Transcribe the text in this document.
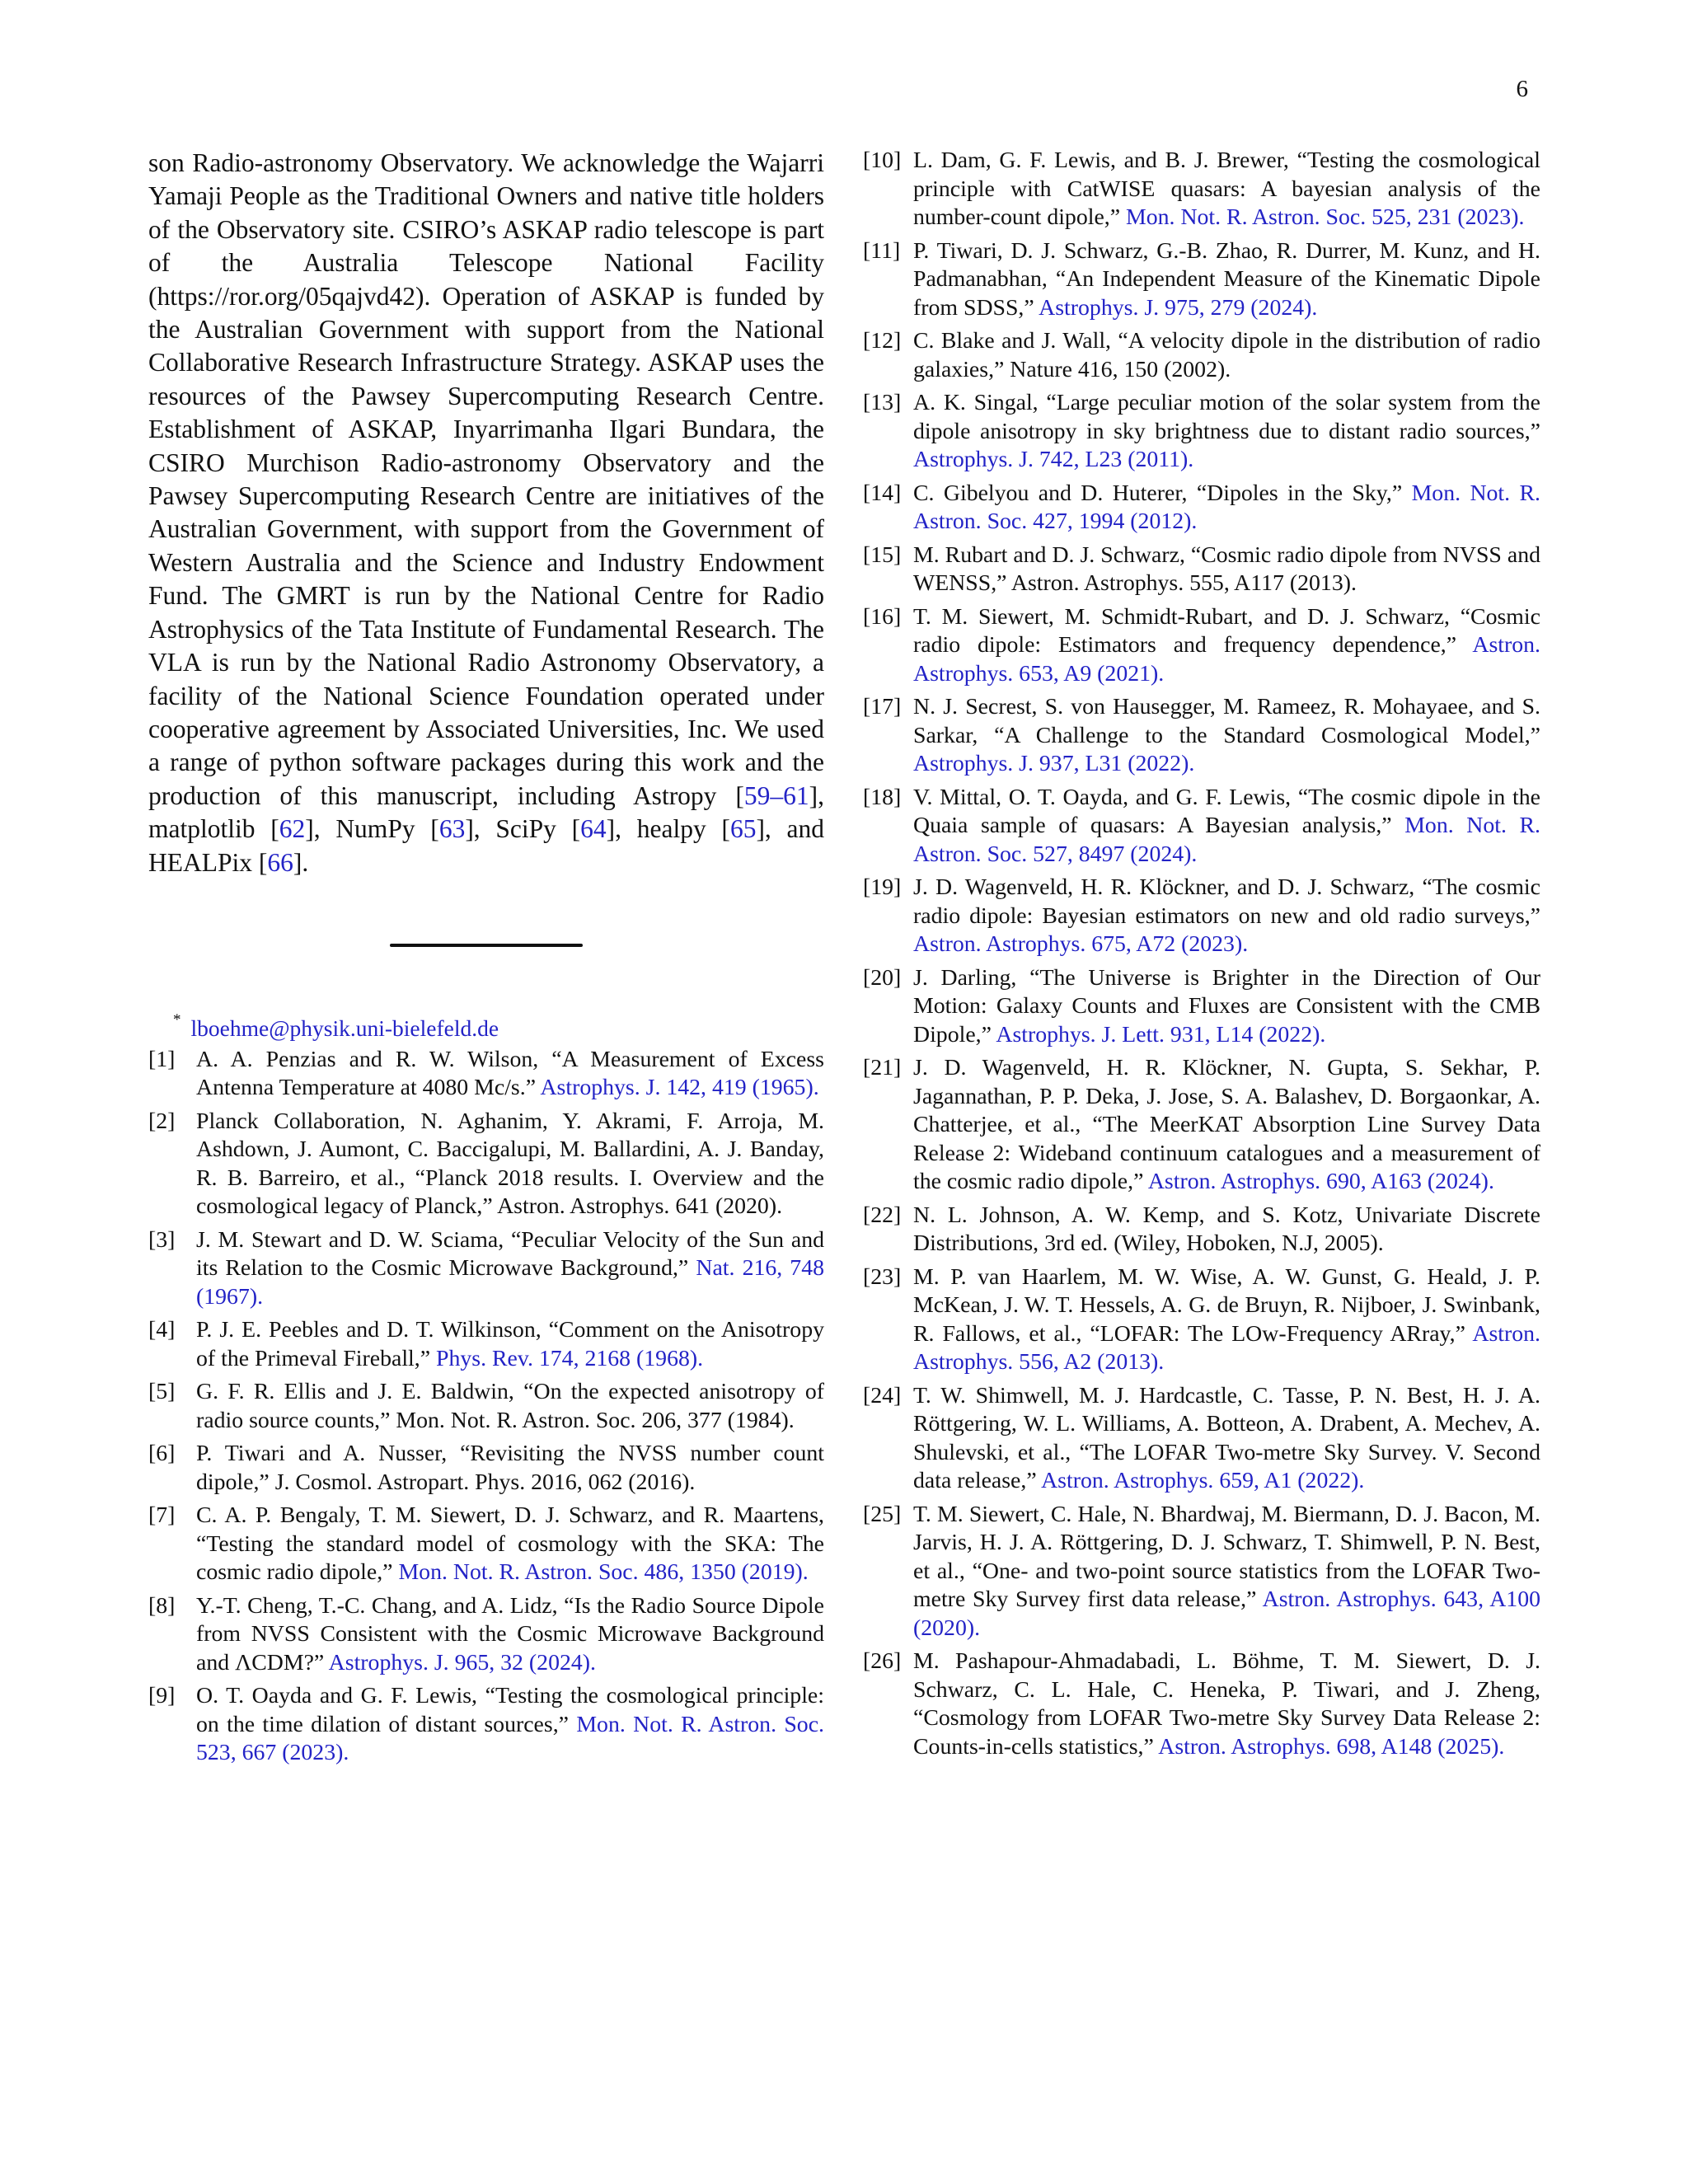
6

son Radio-astronomy Observatory. We acknowledge the Wajarri Yamaji People as the Traditional Owners and native title holders of the Observatory site. CSIRO’s ASKAP radio telescope is part of the Australia Telescope National Facility (https://ror.org/05qajvd42). Operation of ASKAP is funded by the Australian Government with support from the National Collaborative Research Infrastructure Strategy. ASKAP uses the resources of the Pawsey Supercomputing Research Centre. Establishment of ASKAP, Inyarrimanha Ilgari Bundara, the CSIRO Murchison Radio-astronomy Observatory and the Pawsey Supercomputing Research Centre are initiatives of the Australian Government, with support from the Government of Western Australia and the Science and Industry Endowment Fund. The GMRT is run by the National Centre for Radio Astrophysics of the Tata Institute of Fundamental Research. The VLA is run by the National Radio Astronomy Observatory, a facility of the National Science Foundation operated under cooperative agreement by Associated Universities, Inc. We used a range of python software packages during this work and the production of this manuscript, including Astropy [59–61], matplotlib [62], NumPy [63], SciPy [64], healpy [65], and HEALPix [66].

* lboehme@physik.uni-bielefeld.de

[1] A. A. Penzias and R. W. Wilson, “A Measurement of Excess Antenna Temperature at 4080 Mc/s.” Astrophys. J. 142, 419 (1965).
[2] Planck Collaboration, N. Aghanim, Y. Akrami, F. Arroja, M. Ashdown, J. Aumont, C. Baccigalupi, M. Ballardini, A. J. Banday, R. B. Barreiro, et al., “Planck 2018 results. I. Overview and the cosmological legacy of Planck,” Astron. Astrophys. 641 (2020).
[3] J. M. Stewart and D. W. Sciama, “Peculiar Velocity of the Sun and its Relation to the Cosmic Microwave Background,” Nat. 216, 748 (1967).
[4] P. J. E. Peebles and D. T. Wilkinson, “Comment on the Anisotropy of the Primeval Fireball,” Phys. Rev. 174, 2168 (1968).
[5] G. F. R. Ellis and J. E. Baldwin, “On the expected anisotropy of radio source counts,” Mon. Not. R. Astron. Soc. 206, 377 (1984).
[6] P. Tiwari and A. Nusser, “Revisiting the NVSS number count dipole,” J. Cosmol. Astropart. Phys. 2016, 062 (2016).
[7] C. A. P. Bengaly, T. M. Siewert, D. J. Schwarz, and R. Maartens, “Testing the standard model of cosmology with the SKA: The cosmic radio dipole,” Mon. Not. R. Astron. Soc. 486, 1350 (2019).
[8] Y.-T. Cheng, T.-C. Chang, and A. Lidz, “Is the Radio Source Dipole from NVSS Consistent with the Cosmic Microwave Background and ΛCDM?” Astrophys. J. 965, 32 (2024).
[9] O. T. Oayda and G. F. Lewis, “Testing the cosmological principle: on the time dilation of distant sources,” Mon. Not. R. Astron. Soc. 523, 667 (2023).
[10] L. Dam, G. F. Lewis, and B. J. Brewer, “Testing the cosmological principle with CatWISE quasars: A bayesian analysis of the number-count dipole,” Mon. Not. R. Astron. Soc. 525, 231 (2023).
[11] P. Tiwari, D. J. Schwarz, G.-B. Zhao, R. Durrer, M. Kunz, and H. Padmanabhan, “An Independent Measure of the Kinematic Dipole from SDSS,” Astrophys. J. 975, 279 (2024).
[12] C. Blake and J. Wall, “A velocity dipole in the distribution of radio galaxies,” Nature 416, 150 (2002).
[13] A. K. Singal, “Large peculiar motion of the solar system from the dipole anisotropy in sky brightness due to distant radio sources,” Astrophys. J. 742, L23 (2011).
[14] C. Gibelyou and D. Huterer, “Dipoles in the Sky,” Mon. Not. R. Astron. Soc. 427, 1994 (2012).
[15] M. Rubart and D. J. Schwarz, “Cosmic radio dipole from NVSS and WENSS,” Astron. Astrophys. 555, A117 (2013).
[16] T. M. Siewert, M. Schmidt-Rubart, and D. J. Schwarz, “Cosmic radio dipole: Estimators and frequency dependence,” Astron. Astrophys. 653, A9 (2021).
[17] N. J. Secrest, S. von Hausegger, M. Rameez, R. Mohayaee, and S. Sarkar, “A Challenge to the Standard Cosmological Model,” Astrophys. J. 937, L31 (2022).
[18] V. Mittal, O. T. Oayda, and G. F. Lewis, “The cosmic dipole in the Quaia sample of quasars: A Bayesian analysis,” Mon. Not. R. Astron. Soc. 527, 8497 (2024).
[19] J. D. Wagenveld, H. R. Klöckner, and D. J. Schwarz, “The cosmic radio dipole: Bayesian estimators on new and old radio surveys,” Astron. Astrophys. 675, A72 (2023).
[20] J. Darling, “The Universe is Brighter in the Direction of Our Motion: Galaxy Counts and Fluxes are Consistent with the CMB Dipole,” Astrophys. J. Lett. 931, L14 (2022).
[21] J. D. Wagenveld, H. R. Klöckner, N. Gupta, S. Sekhar, P. Jagannathan, P. P. Deka, J. Jose, S. A. Balashev, D. Borgaonkar, A. Chatterjee, et al., “The MeerKAT Absorption Line Survey Data Release 2: Wideband continuum catalogues and a measurement of the cosmic radio dipole,” Astron. Astrophys. 690, A163 (2024).
[22] N. L. Johnson, A. W. Kemp, and S. Kotz, Univariate Discrete Distributions, 3rd ed. (Wiley, Hoboken, N.J, 2005).
[23] M. P. van Haarlem, M. W. Wise, A. W. Gunst, G. Heald, J. P. McKean, J. W. T. Hessels, A. G. de Bruyn, R. Nijboer, J. Swinbank, R. Fallows, et al., “LOFAR: The LOw-Frequency ARray,” Astron. Astrophys. 556, A2 (2013).
[24] T. W. Shimwell, M. J. Hardcastle, C. Tasse, P. N. Best, H. J. A. Röttgering, W. L. Williams, A. Botteon, A. Drabent, A. Mechev, A. Shulevski, et al., “The LOFAR Two-metre Sky Survey. V. Second data release,” Astron. Astrophys. 659, A1 (2022).
[25] T. M. Siewert, C. Hale, N. Bhardwaj, M. Biermann, D. J. Bacon, M. Jarvis, H. J. A. Röttgering, D. J. Schwarz, T. Shimwell, P. N. Best, et al., “One- and two-point source statistics from the LOFAR Two-metre Sky Survey first data release,” Astron. Astrophys. 643, A100 (2020).
[26] M. Pashapour-Ahmadabadi, L. Böhme, T. M. Siewert, D. J. Schwarz, C. L. Hale, C. Heneka, P. Tiwari, and J. Zheng, “Cosmology from LOFAR Two-metre Sky Survey Data Release 2: Counts-in-cells statistics,” Astron. Astrophys. 698, A148 (2025).
